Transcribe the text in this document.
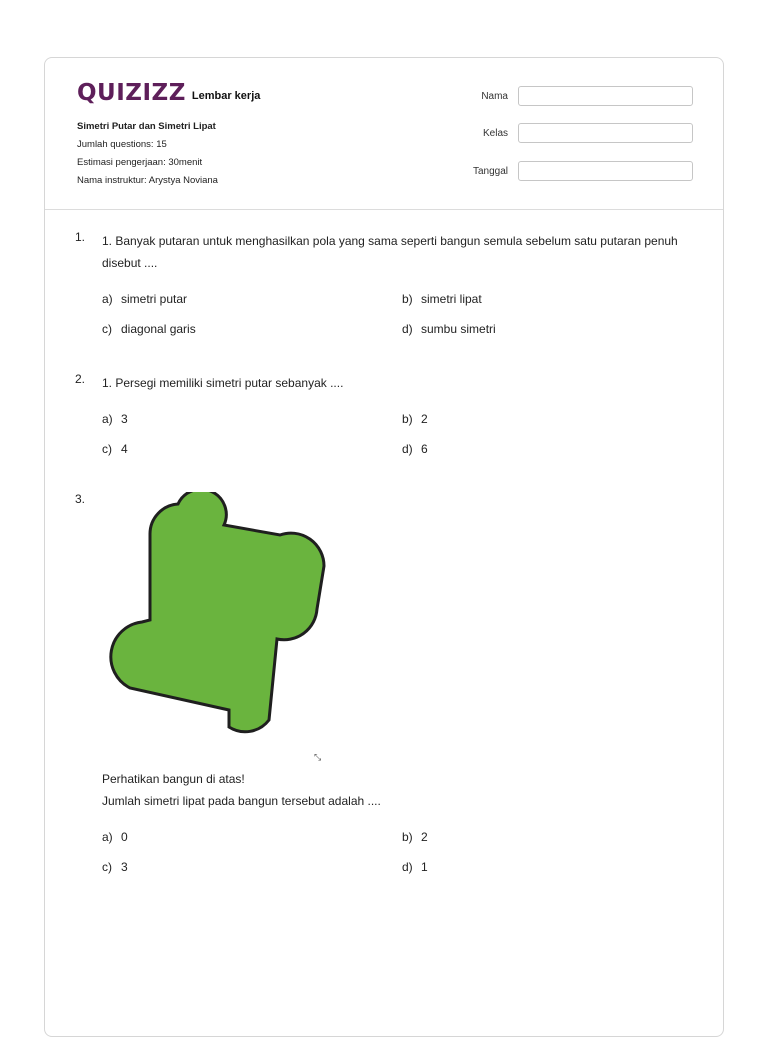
QUIZIZZ Lembar kerja
Simetri Putar dan Simetri Lipat
Jumlah questions: 15
Estimasi pengerjaan: 30menit
Nama instruktur: Arystya Noviana
Nama
Kelas
Tanggal
1. 1. Banyak putaran untuk menghasilkan pola yang sama seperti bangun semula sebelum satu putaran penuh disebut ....
a) simetri putar	b) simetri lipat
c) diagonal garis	d) sumbu simetri
2. 1. Persegi memiliki simetri putar sebanyak ....
a) 3	b) 2
c) 4	d) 6
3.
⤡

Perhatikan bangun di atas!

Jumlah simetri lipat pada bangun tersebut adalah ....

a) 0	b) 2
c) 3	d) 1
